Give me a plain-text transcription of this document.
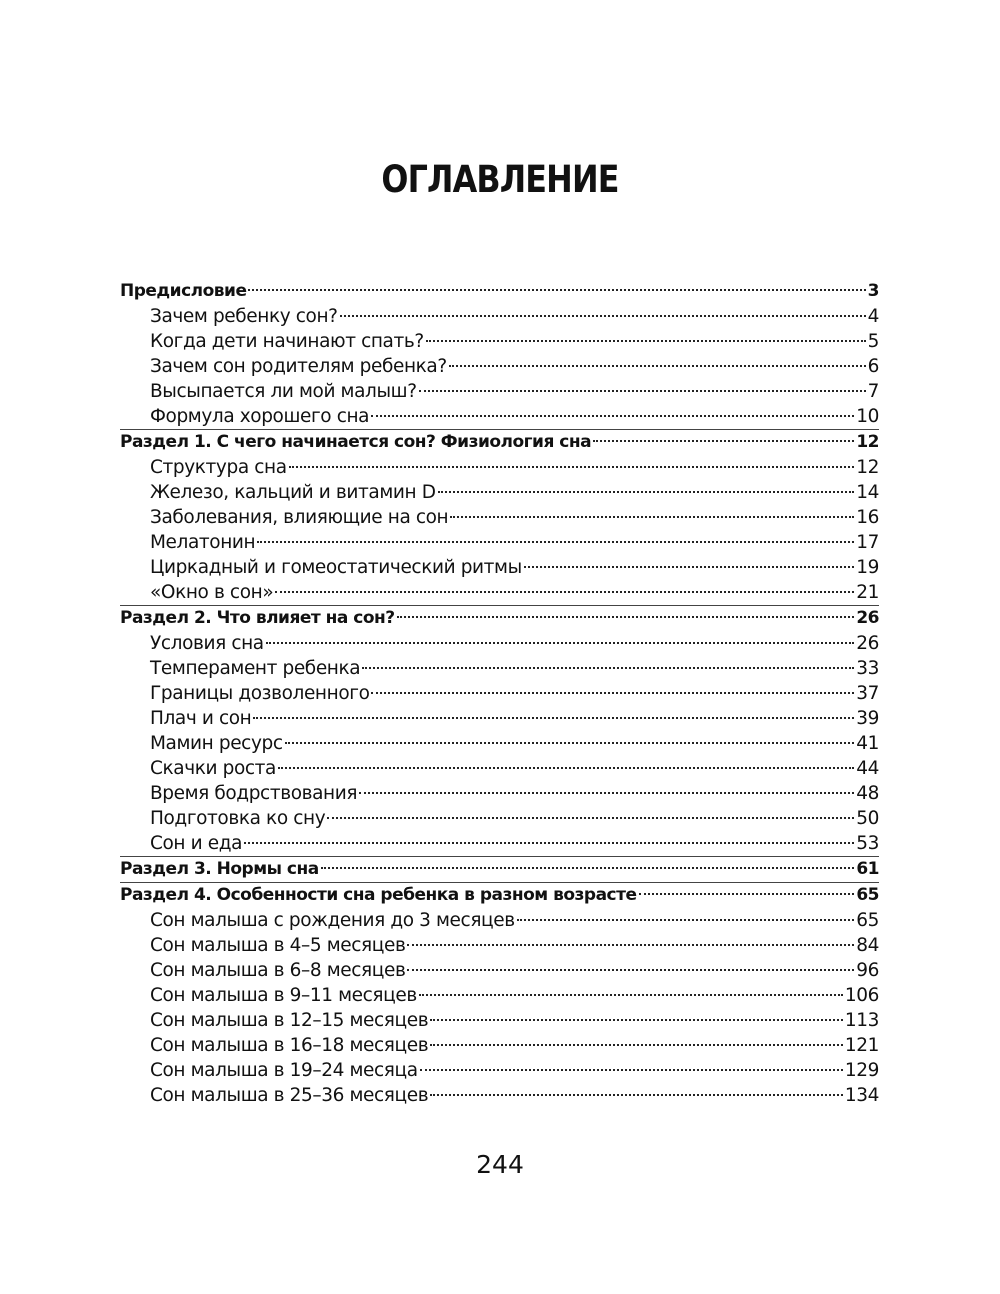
ОГЛАВЛЕНИЕ
Предисловие	3
Зачем ребенку сон?	4
Когда дети начинают спать?	5
Зачем сон родителям ребенка?	6
Высыпается ли мой малыш?	7
Формула хорошего сна	10
Раздел 1. С чего начинается сон? Физиология сна	12
Структура сна	12
Железо, кальций и витамин D	14
Заболевания, влияющие на сон	16
Мелатонин	17
Циркадный и гомеостатический ритмы	19
«Окно в сон»	21
Раздел 2. Что влияет на сон?	26
Условия сна	26
Темперамент ребенка	33
Границы дозволенного	37
Плач и сон	39
Мамин ресурс	41
Скачки роста	44
Время бодрствования	48
Подготовка ко сну	50
Сон и еда	53
Раздел 3. Нормы сна	61
Раздел 4. Особенности сна ребенка в разном возрасте	65
Сон малыша с рождения до 3 месяцев	65
Сон малыша в 4–5 месяцев	84
Сон малыша в 6–8 месяцев	96
Сон малыша в 9–11 месяцев	106
Сон малыша в 12–15 месяцев	113
Сон малыша в 16–18 месяцев	121
Сон малыша в 19–24 месяца	129
Сон малыша в 25–36 месяцев	134

244
